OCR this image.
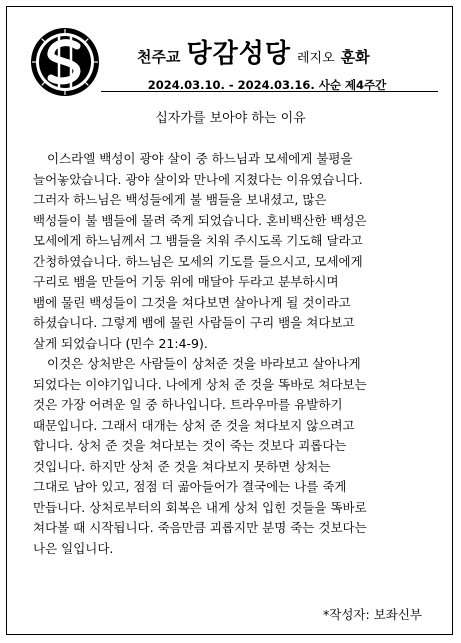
천주교 당감성당 레지오 훈화
2024.03.10. - 2024.03.16. 사순 제4주간
십자가를 보아야 하는 이유
이스라엘 백성이 광야 살이 중 하느님과 모세에게 불평을
늘어놓았습니다. 광야 살이와 만나에 지쳤다는 이유였습니다.
그러자 하느님은 백성들에게 불 뱀들을 보내셨고, 많은
백성들이 불 뱀들에 물려 죽게 되었습니다. 혼비백산한 백성은
모세에게 하느님께서 그 뱀들을 치워 주시도록 기도해 달라고
간청하였습니다. 하느님은 모세의 기도를 들으시고, 모세에게
구리로 뱀을 만들어 기둥 위에 매달아 두라고 분부하시며
뱀에 물린 백성들이 그것을 쳐다보면 살아나게 될 것이라고
하셨습니다. 그렇게 뱀에 물린 사람들이 구리 뱀을 쳐다보고
살게 되었습니다 (민수 21:4-9).
이것은 상처받은 사람들이 상처준 것을 바라보고 살아나게
되었다는 이야기입니다. 나에게 상처 준 것을 똑바로 쳐다보는
것은 가장 어려운 일 중 하나입니다. 트라우마를 유발하기
때문입니다. 그래서 대개는 상처 준 것을 쳐다보지 않으려고
합니다. 상처 준 것을 쳐다보는 것이 죽는 것보다 괴롭다는
것입니다. 하지만 상처 준 것을 쳐다보지 못하면 상처는
그대로 남아 있고, 점점 더 곪아들어가 결국에는 나를 죽게
만듭니다. 상처로부터의 회복은 내게 상처 입힌 것들을 똑바로
쳐다볼 때 시작됩니다. 죽음만큼 괴롭지만 분명 죽는 것보다는
나은 일입니다.
*작성자: 보좌신부
